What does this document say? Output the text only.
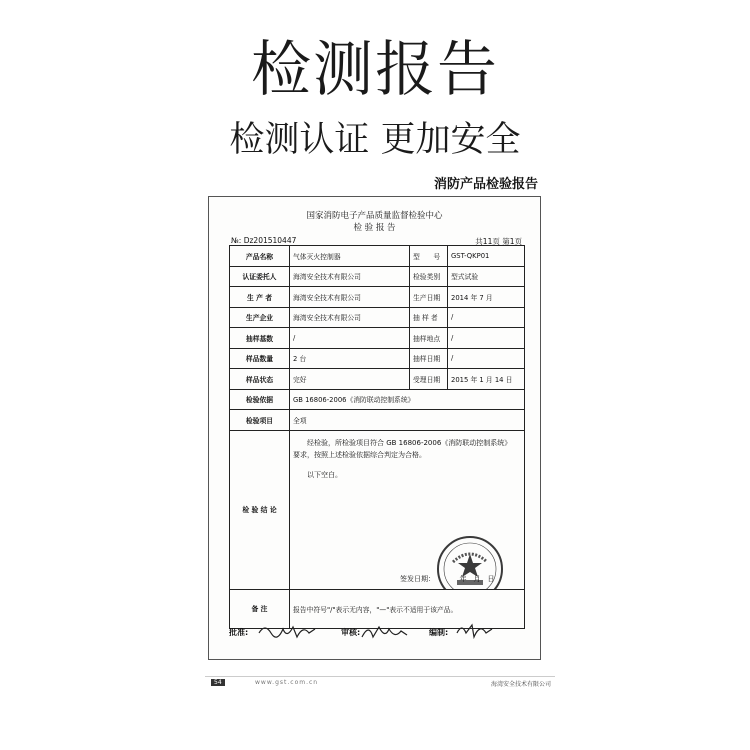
检测报告
检测认证 更加安全
消防产品检验报告
国家消防电子产品质量监督检验中心
检 验 报 告
№: Dz201510447	共11页 第1页
产品名称	气体灭火控制器	型　　号	GST-QKP01
认证委托人	海湾安全技术有限公司	检验类别	型式试验
生 产 者	海湾安全技术有限公司	生产日期	2014 年 7 月
生产企业	海湾安全技术有限公司	抽 样 者	/
抽样基数	/	抽样地点	/
样品数量	2 台	抽样日期	/
样品状态	完好	受理日期	2015 年 1 月 14 日
检验依据	GB 16806-2006《消防联动控制系统》		
检验项目	全项		
检 验 结 论	经检验，所检验项目符合 GB 16806-2006《消防联动控制系统》

要求，按照上述检验依据综合判定为合格。

以下空白。

签发日期：　　　　年　月　日		

备 注	报告中符号"/"表示无内容，"—"表示不适用于该产品。		
批准:	审核:	编制:
54	www.gst.com.cn	海湾安全技术有限公司
